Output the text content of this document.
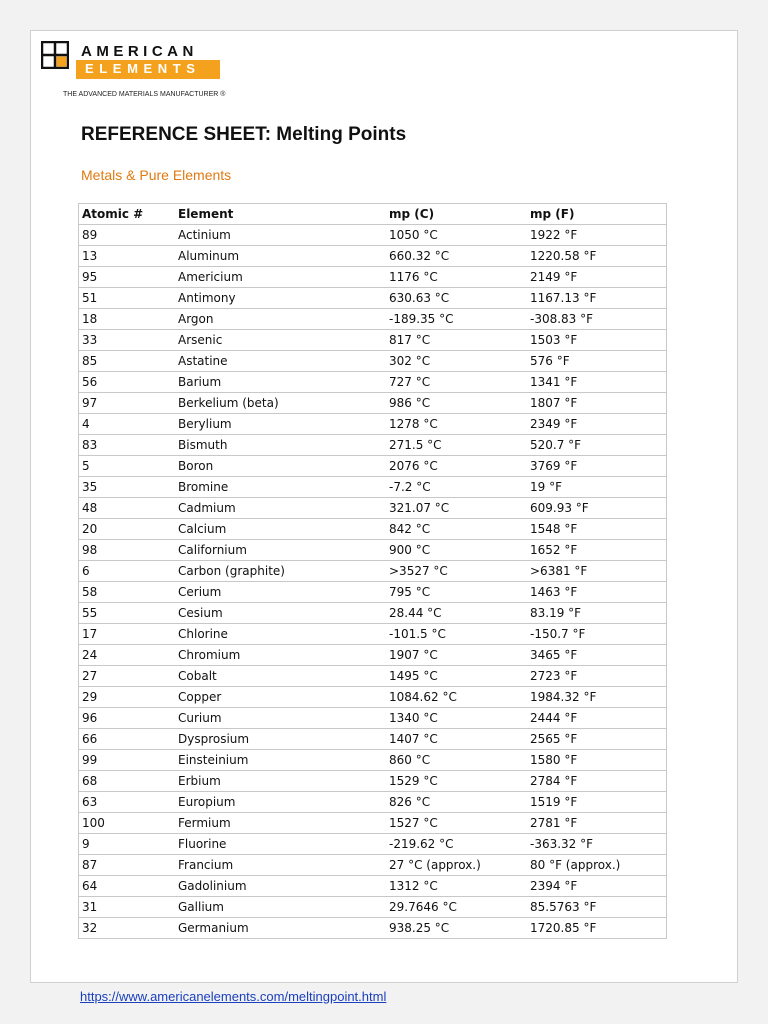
AMERICAN
ELEMENTS
THE ADVANCED MATERIALS MANUFACTURER ®
REFERENCE SHEET: Melting Points
Metals & Pure Elements
Atomic #	Element	mp (C)	mp (F)
89	Actinium	1050 °C	1922 °F
13	Aluminum	660.32 °C	1220.58 °F
95	Americium	1176 °C	2149 °F
51	Antimony	630.63 °C	1167.13 °F
18	Argon	-189.35 °C	-308.83 °F
33	Arsenic	817 °C	1503 °F
85	Astatine	302 °C	576 °F
56	Barium	727 °C	1341 °F
97	Berkelium (beta)	986 °C	1807 °F
4	Berylium	1278 °C	2349 °F
83	Bismuth	271.5 °C	520.7 °F
5	Boron	2076 °C	3769 °F
35	Bromine	-7.2 °C	19 °F
48	Cadmium	321.07 °C	609.93 °F
20	Calcium	842 °C	1548 °F
98	Californium	900 °C	1652 °F
6	Carbon (graphite)	>3527 °C	>6381 °F
58	Cerium	795 °C	1463 °F
55	Cesium	28.44 °C	83.19 °F
17	Chlorine	-101.5 °C	-150.7 °F
24	Chromium	1907 °C	3465 °F
27	Cobalt	1495 °C	2723 °F
29	Copper	1084.62 °C	1984.32 °F
96	Curium	1340 °C	2444 °F
66	Dysprosium	1407 °C	2565 °F
99	Einsteinium	860 °C	1580 °F
68	Erbium	1529 °C	2784 °F
63	Europium	826 °C	1519 °F
100	Fermium	1527 °C	2781 °F
9	Fluorine	-219.62 °C	-363.32 °F
87	Francium	27 °C (approx.)	80 °F (approx.)
64	Gadolinium	1312 °C	2394 °F
31	Gallium	29.7646 °C	85.5763 °F
32	Germanium	938.25 °C	1720.85 °F
https://www.americanelements.com/meltingpoint.html
